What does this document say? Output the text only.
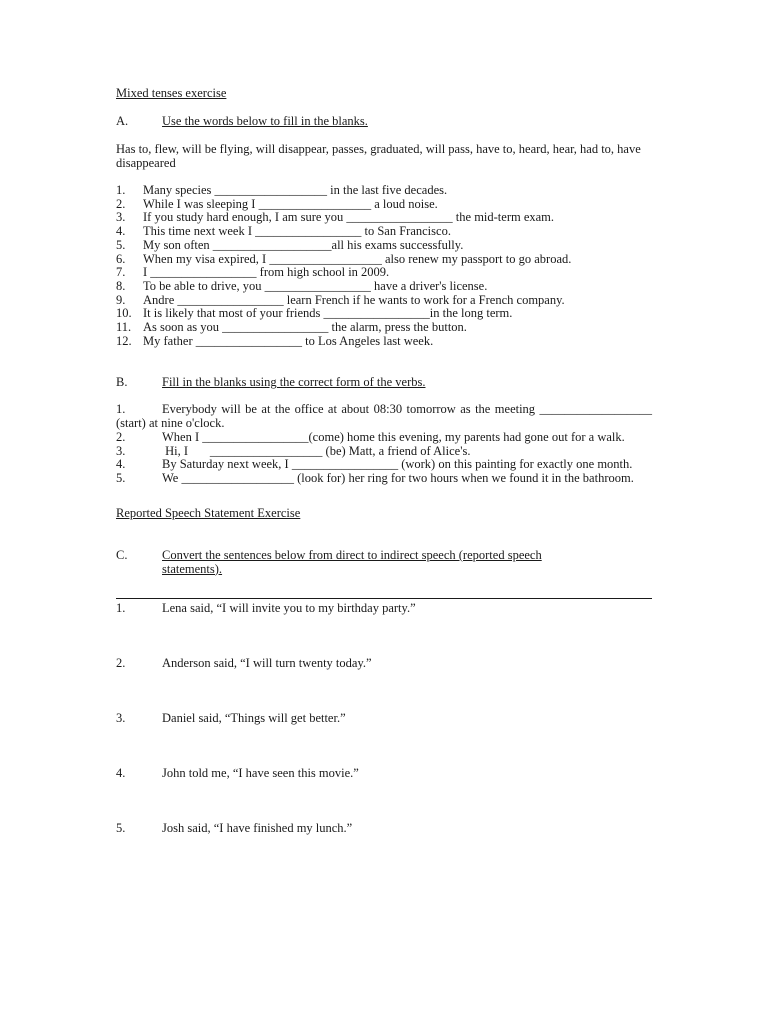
Mixed tenses exercise
A.	Use the words below to fill in the blanks.
Has to, flew, will be flying, will disappear, passes, graduated, will pass, have to, heard, hear, had to, have disappeared
1.	Many species __________________ in the last five decades.
2.	While I was sleeping I __________________ a loud noise.
3.	If you study hard enough, I am sure you _________________ the mid-term exam.
4.	This time next week I _________________ to San Francisco.
5.	My son often ___________________all his exams successfully.
6.	When my visa expired, I __________________ also renew my passport to go abroad.
7.	I _________________ from high school in 2009.
8.	To be able to drive, you _________________ have a driver's license.
9.	Andre _________________ learn French if he wants to work for a French company.
10. It is likely that most of your friends _________________in the long term.
11. As soon as you _________________ the alarm, press the button.
12. My father _________________ to Los Angeles last week.
B.	Fill in the blanks using the correct form of the verbs.
1.	Everybody will be at the office at about 08:30 tomorrow as the meeting __________________ (start) at nine o'clock.
2.	When I _________________(come) home this evening, my parents had gone out for a walk.
3.	Hi, I       __________________ (be) Matt, a friend of Alice's.
4.	By Saturday next week, I _________________ (work) on this painting for exactly one month.
5.	We __________________ (look for) her ring for two hours when we found it in the bathroom.
Reported Speech Statement Exercise
C.	Convert the sentences below from direct to indirect speech (reported speech statements).
1.	Lena said, “I will invite you to my birthday party.”
2.	Anderson said, “I will turn twenty today.”
3.	Daniel said, “Things will get better.”
4.	John told me, “I have seen this movie.”
5.	Josh said, “I have finished my lunch.”
